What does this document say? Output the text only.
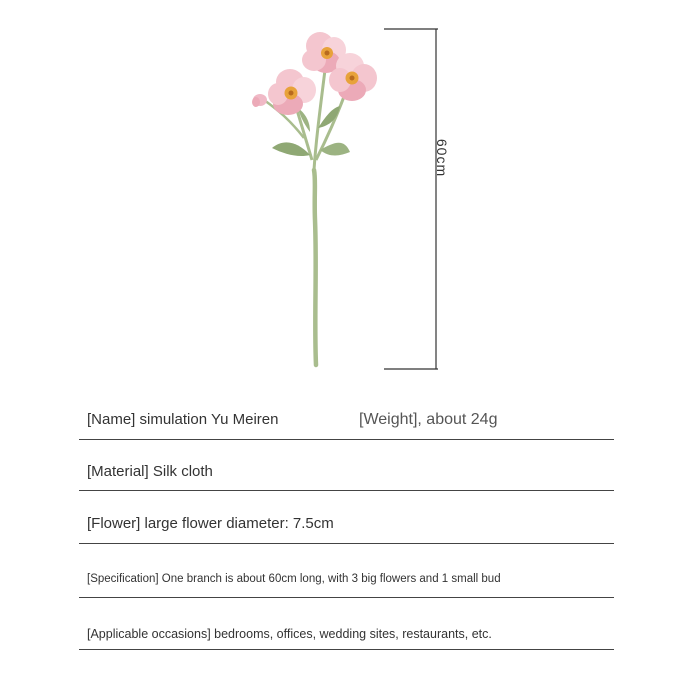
60cm
[Name] simulation Yu Meiren	[Weight], about 24g
[Material] Silk cloth
[Flower] large flower diameter: 7.5cm
[Specification] One branch is about 60cm long, with 3 big flowers and 1 small bud
[Applicable occasions] bedrooms, offices, wedding sites, restaurants, etc.
